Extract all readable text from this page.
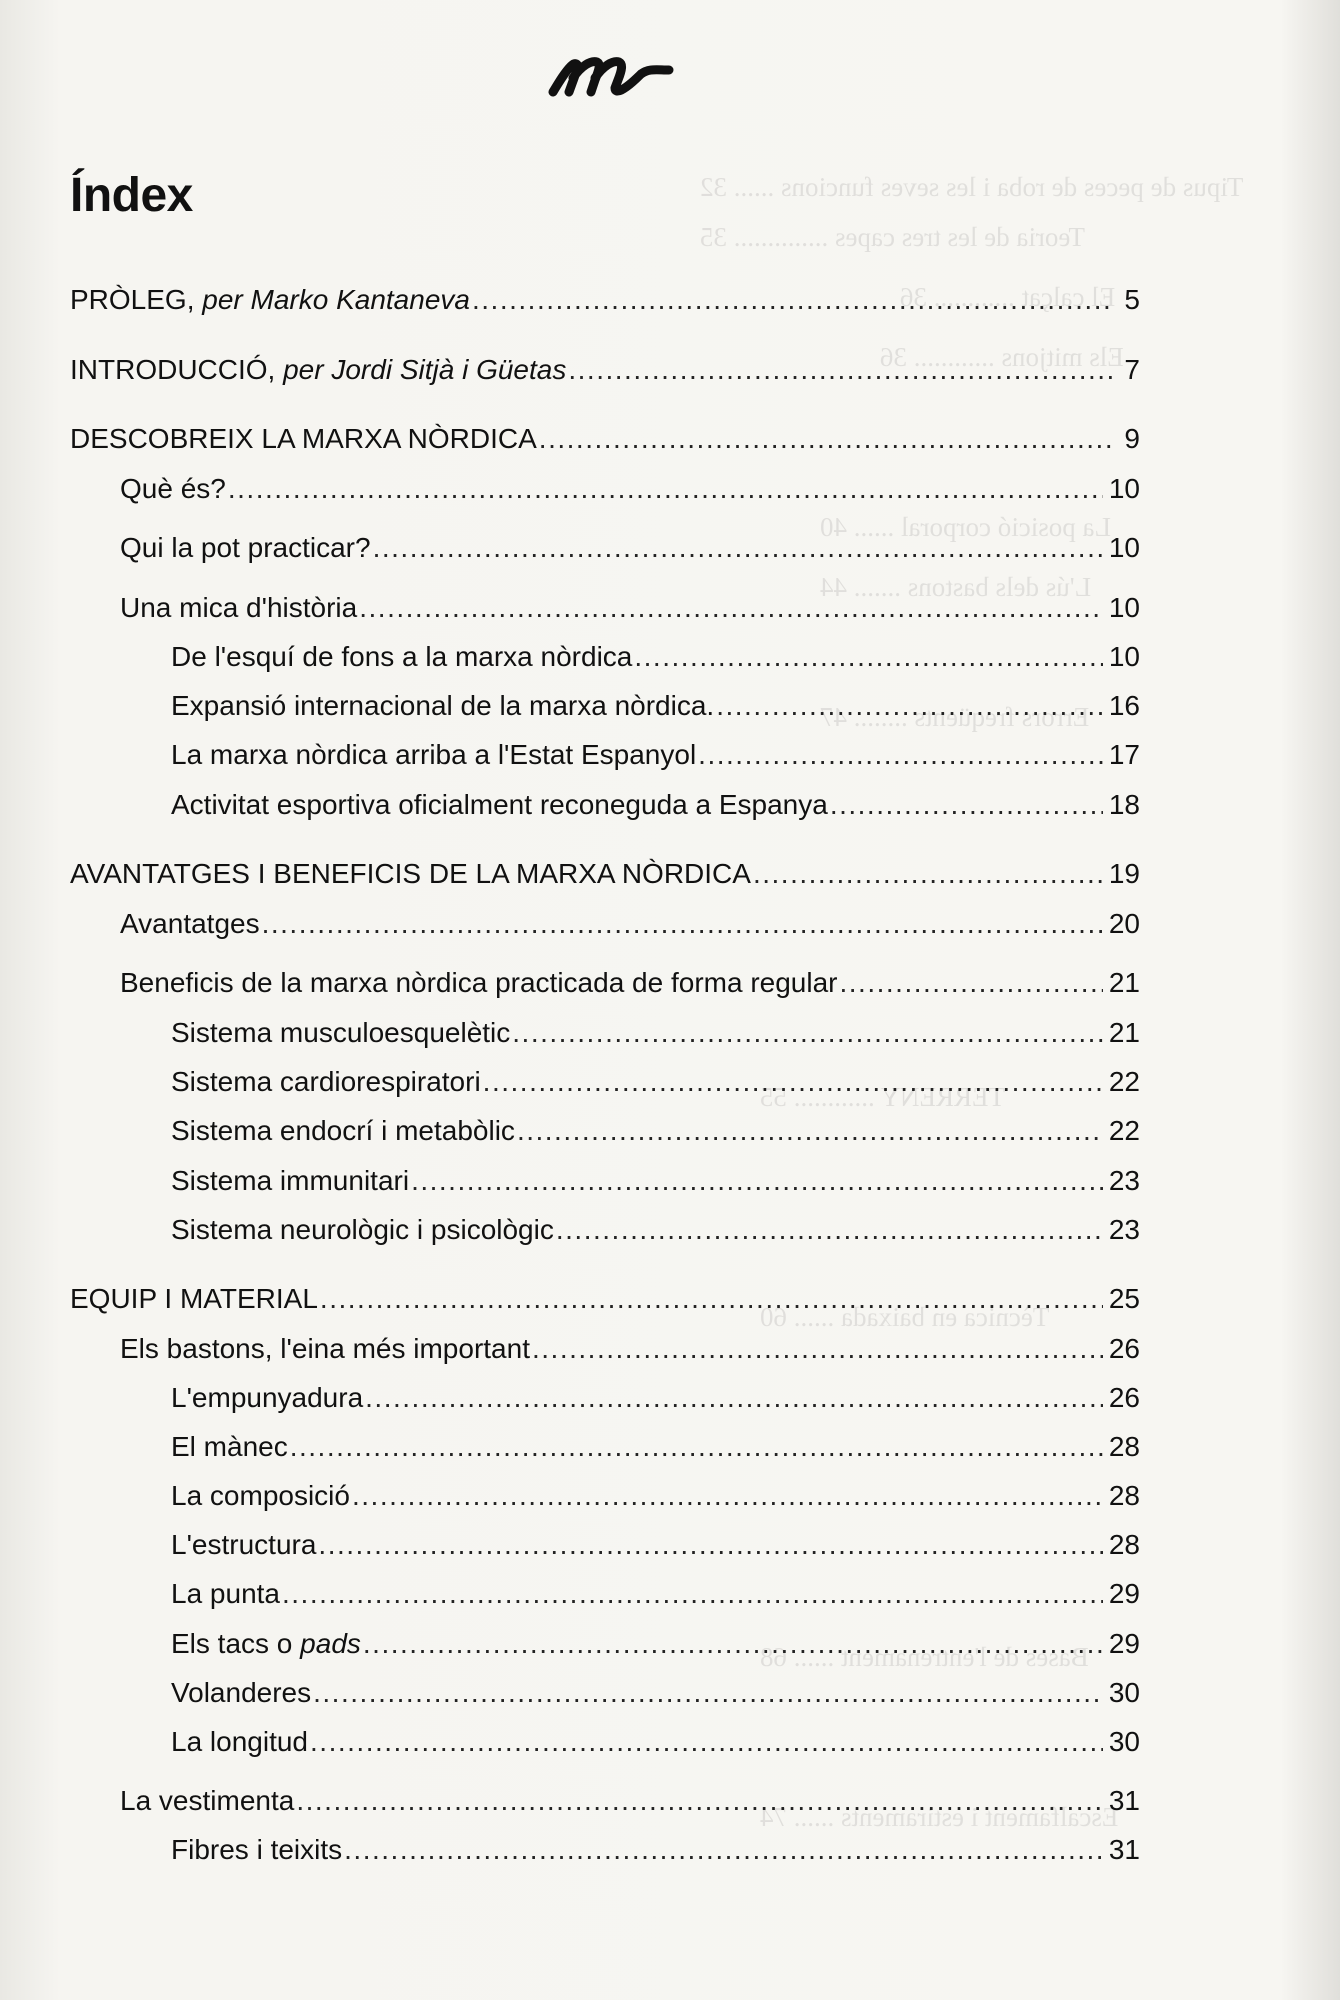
Tipus de peces de roba i les seves funcions ...... 32
Teoria de les tres capes .............. 35
El calçat ............ 36
Els mitjons ............ 36
La posició corporal ...... 40
L'ús dels bastons ....... 44
Errors freqüents ........ 47
TERRENY ............ 55
Tècnica en baixada ...... 60
Bases de l'entrenament ...... 68
Escalfament i estiraments ...... 74
Índex
PRÒLEG, per Marko Kantaneva .....	5
INTRODUCCIÓ, per Jordi Sitjà i Güetas .....	7
DESCOBREIX LA MARXA NÒRDICA .....	9
Què és? .....	10
Qui la pot practicar? .....	10
Una mica d'història .....	10
De l'esquí de fons a la marxa nòrdica .....	10
Expansió internacional de la marxa nòrdica. .....	16
La marxa nòrdica arriba a l'Estat Espanyol .....	17
Activitat esportiva oficialment reconeguda a Espanya .....	18
AVANTATGES I BENEFICIS DE LA MARXA NÒRDICA .....	19
Avantatges .....	20
Beneficis de la marxa nòrdica practicada de forma regular .....	21
Sistema musculoesquelètic .....	21
Sistema cardiorespiratori .....	22
Sistema endocrí i metabòlic .....	22
Sistema immunitari .....	23
Sistema neurològic i psicològic .....	23
EQUIP I MATERIAL .....	25
Els bastons, l'eina més important .....	26
L'empunyadura .....	26
El mànec .....	28
La composició .....	28
L'estructura .....	28
La punta .....	29
Els tacs o pads .....	29
Volanderes .....	30
La longitud .....	30
La vestimenta .....	31
Fibres i teixits .....	31
